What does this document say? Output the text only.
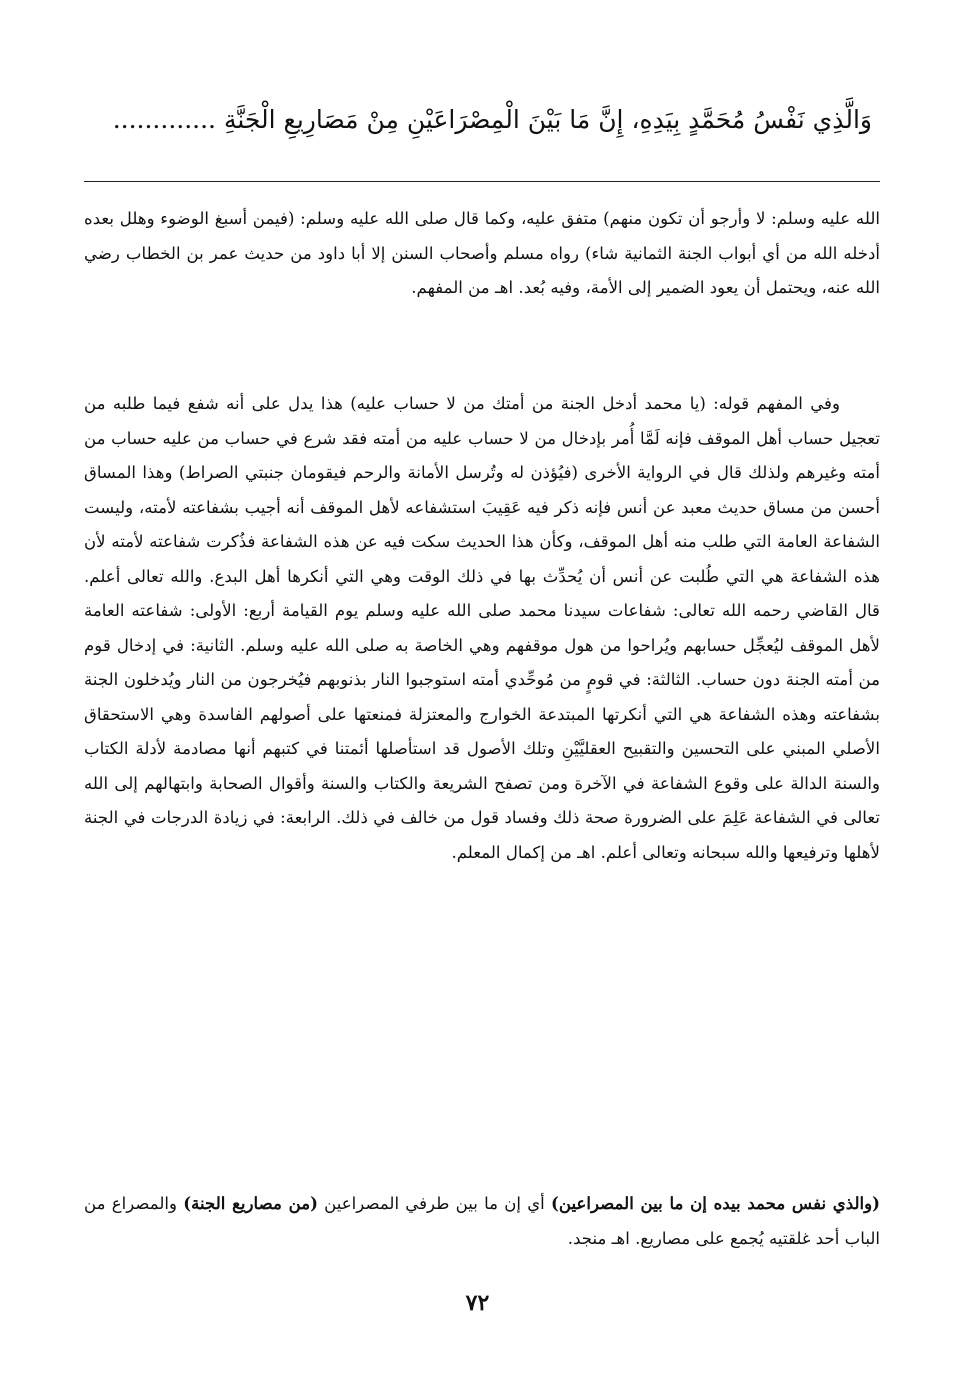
وَالَّذِي نَفْسُ مُحَمَّدٍ بِيَدِهِ، إِنَّ مَا بَيْنَ الْمِصْرَاعَيْنِ مِنْ مَصَارِيعِ الْجَنَّةِ .............

الله عليه وسلم: لا وأرجو أن تكون منهم) متفق عليه، وكما قال صلى الله عليه وسلم: (فيمن أسبغ الوضوء وهلل بعده أدخله الله من أي أبواب الجنة الثمانية شاء) رواه مسلم وأصحاب السنن إلا أبا داود من حديث عمر بن الخطاب رضي الله عنه، ويحتمل أن يعود الضمير إلى الأمة، وفيه بُعد. اهـ من المفهم.

وفي المفهم قوله: (يا محمد أدخل الجنة من أمتك من لا حساب عليه) هذا يدل على أنه شفع فيما طلبه من تعجيل حساب أهل الموقف فإنه لَمَّا أُمر بإدخال من لا حساب عليه من أمته فقد شرع في حساب من عليه حساب من أمته وغيرهم ولذلك قال في الرواية الأخرى (فيُؤذن له وتُرسل الأمانة والرحم فيقومان جنبتي الصراط) وهذا المساق أحسن من مساق حديث معبد عن أنس فإنه ذكر فيه عَقِيبَ استشفاعه لأهل الموقف أنه أجيب بشفاعته لأمته، وليست الشفاعة العامة التي طلب منه أهل الموقف، وكأن هذا الحديث سكت فيه عن هذه الشفاعة فذُكرت شفاعته لأمته لأن هذه الشفاعة هي التي طُلبت عن أنس أن يُحدِّث بها في ذلك الوقت وهي التي أنكرها أهل البدع. والله تعالى أعلم. قال القاضي رحمه الله تعالى: شفاعات سيدنا محمد صلى الله عليه وسلم يوم القيامة أربع: الأولى: شفاعته العامة لأهل الموقف ليُعجِّل حسابهم ويُراحوا من هول موقفهم وهي الخاصة به صلى الله عليه وسلم. الثانية: في إدخال قوم من أمته الجنة دون حساب. الثالثة: في قومٍ من مُوحِّدي أمته استوجبوا النار بذنوبهم فيُخرجون من النار ويُدخلون الجنة بشفاعته وهذه الشفاعة هي التي أنكرتها المبتدعة الخوارج والمعتزلة فمنعتها على أصولهم الفاسدة وهي الاستحقاق الأصلي المبني على التحسين والتقبيح العقليَّيْنِ وتلك الأصول قد استأصلها أئمتنا في كتبهم أنها مصادمة لأدلة الكتاب والسنة الدالة على وقوع الشفاعة في الآخرة ومن تصفح الشريعة والكتاب والسنة وأقوال الصحابة وابتهالهم إلى الله تعالى في الشفاعة عَلِمَ على الضرورة صحة ذلك وفساد قول من خالف في ذلك. الرابعة: في زيادة الدرجات في الجنة لأهلها وترفيعها والله سبحانه وتعالى أعلم. اهـ من إكمال المعلم.

(والذي نفس محمد بيده إن ما بين المصراعين) أي إن ما بين طرفي المصراعين (من مصاريع الجنة) والمصراع من الباب أحد غلقتيه يُجمع على مصاريع. اهـ منجد.

٧٢
